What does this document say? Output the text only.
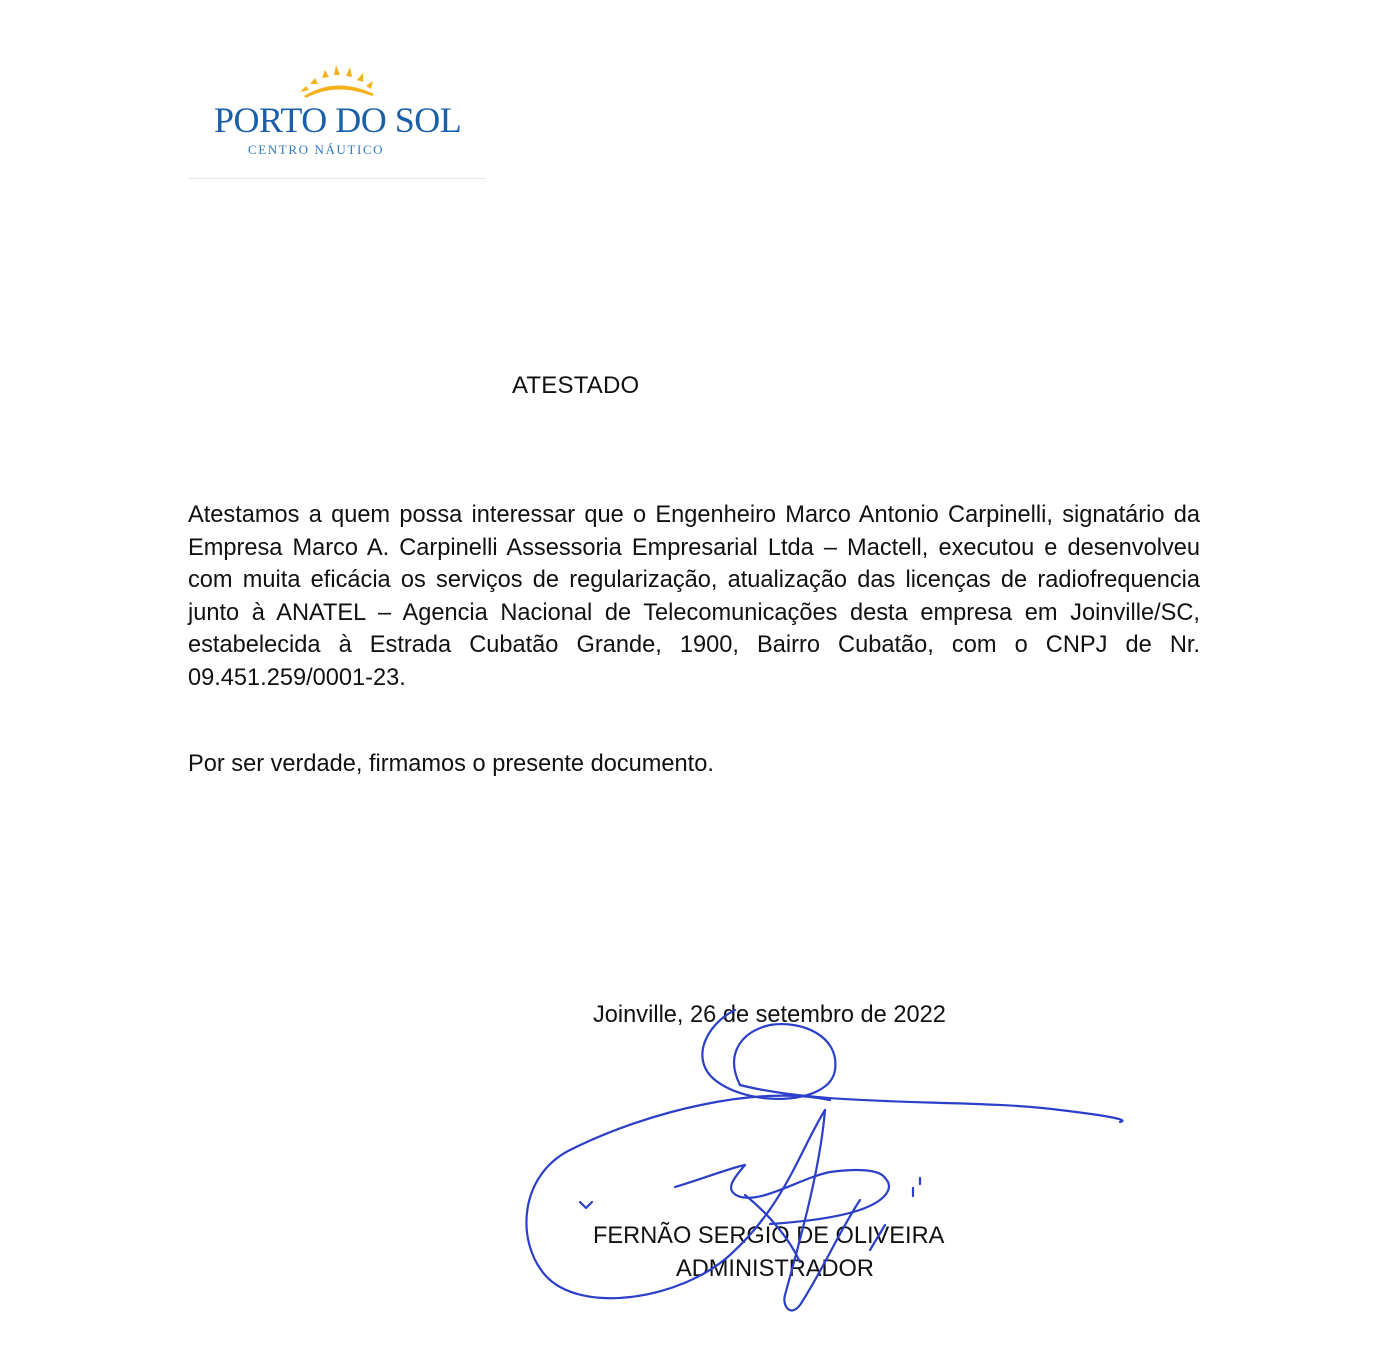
PORTO DO SOL
CENTRO NÁUTICO
ATESTADO
Atestamos a quem possa interessar que o Engenheiro Marco Antonio Carpinelli, signatário da Empresa Marco A. Carpinelli Assessoria Empresarial Ltda – Mactell, executou e desenvolveu com muita eficácia os serviços de regularização, atualização das licenças de radiofrequencia junto à ANATEL – Agencia Nacional de Telecomunicações desta empresa em Joinville/SC, estabelecida à Estrada Cubatão Grande, 1900, Bairro Cubatão, com o CNPJ de Nr. 09.451.259/0001-23.
Por ser verdade, firmamos o presente documento.
Joinville, 26 de setembro de 2022
FERNÃO SERGIO DE OLIVEIRA
ADMINISTRADOR
